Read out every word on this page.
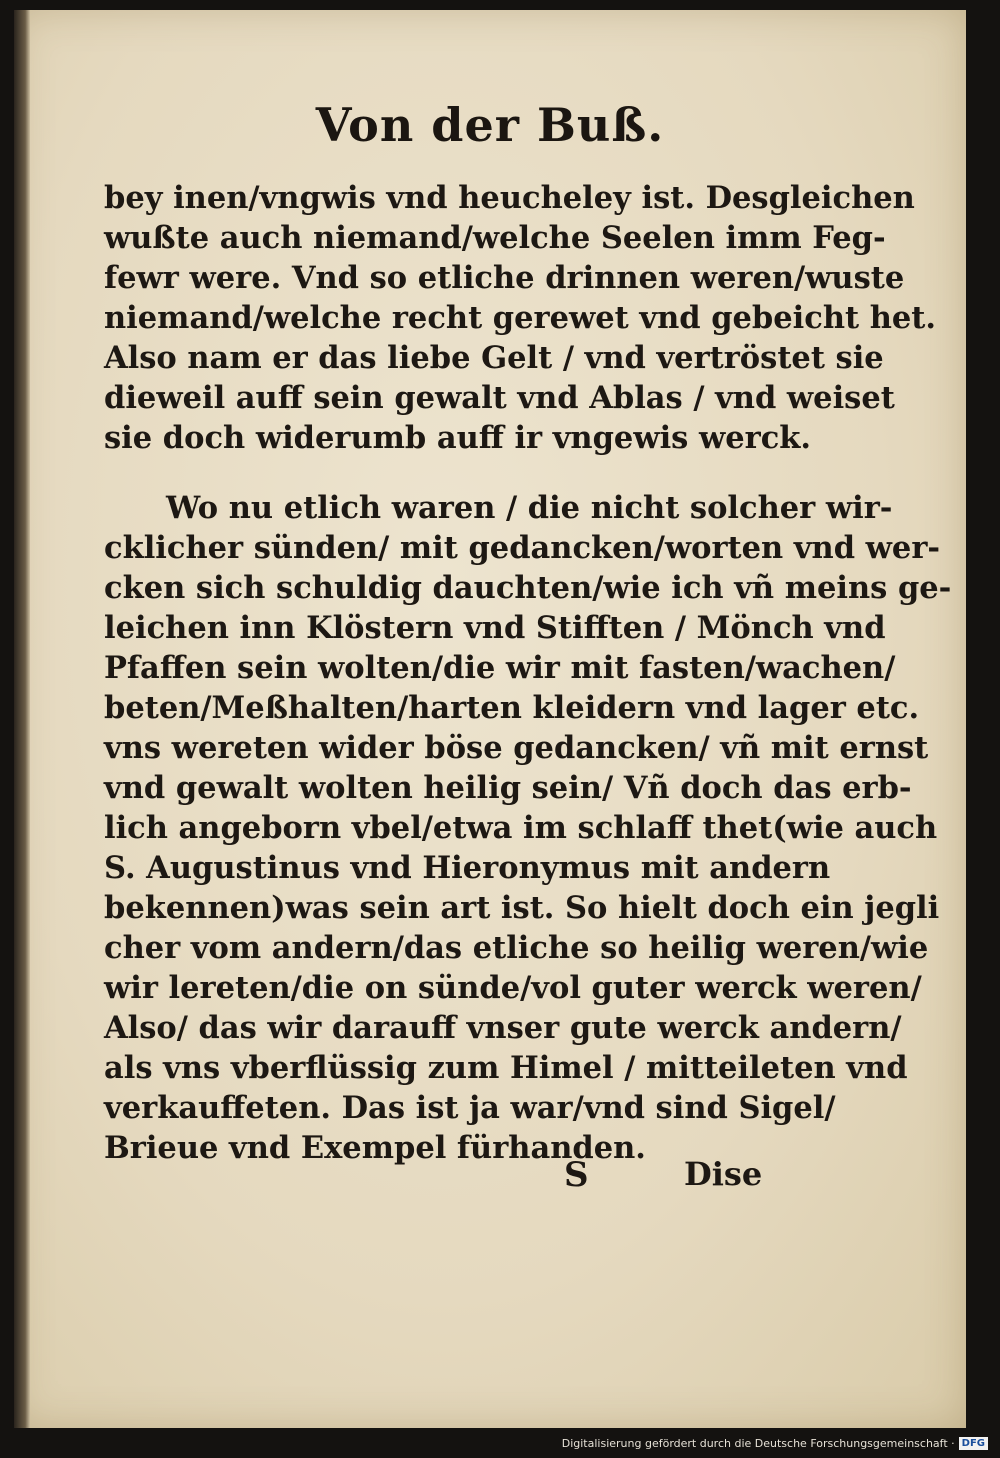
Von der Buß.
bey inen/vngwis vnd heucheley ist. Desgleichen
wußte auch niemand/welche Seelen imm Feg-
fewr were. Vnd so etliche drinnen weren/wuste
niemand/welche recht gerewet vnd gebeicht het.
Also nam er das liebe Gelt / vnd vertröstet sie
dieweil auff sein gewalt vnd Ablas / vnd weiset
sie doch widerumb auff ir vngewis werck.
Wo nu etlich waren / die nicht solcher wir-
cklicher sünden/ mit gedancken/worten vnd wer-
cken sich schuldig dauchten/wie ich vñ meins ge-
leichen inn Klöstern vnd Stifften / Mönch vnd
Pfaffen sein wolten/die wir mit fasten/wachen/
beten/Meßhalten/harten kleidern vnd lager etc.
vns wereten wider böse gedancken/ vñ mit ernst
vnd gewalt wolten heilig sein/ Vñ doch das erb-
lich angeborn vbel/etwa im schlaff thet(wie auch
S. Augustinus vnd Hieronymus mit andern
bekennen)was sein art ist. So hielt doch ein jegli
cher vom andern/das etliche so heilig weren/wie
wir lereten/die on sünde/vol guter werck weren/
Also/ das wir darauff vnser gute werck andern/
als vns vberflüssig zum Himel / mitteileten vnd
verkauffeten. Das ist ja war/vnd sind Sigel/
Brieue vnd Exempel fürhanden.
S	Dise
Digitalisierung gefördert durch die Deutsche Forschungsgemeinschaft · DFG
